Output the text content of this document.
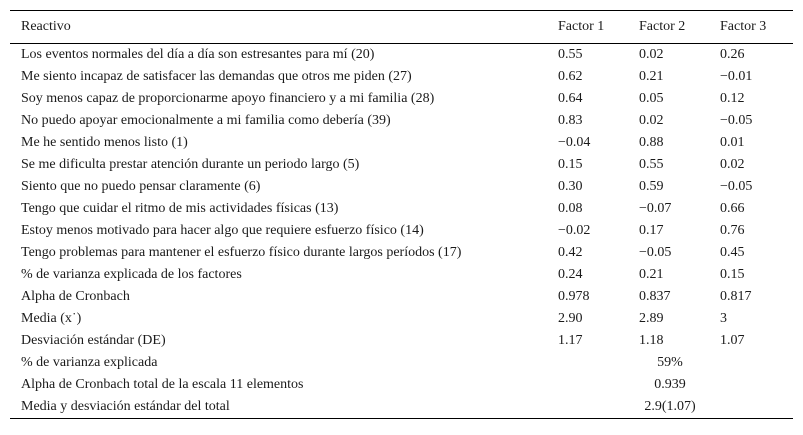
Reactivo	Factor 1	Factor 2	Factor 3
Los eventos normales del día a día son estresantes para mí (20)	0.55	0.02	0.26
Me siento incapaz de satisfacer las demandas que otros me piden (27)	0.62	0.21	−0.01
Soy menos capaz de proporcionarme apoyo financiero y a mi familia (28)	0.64	0.05	0.12
No puedo apoyar emocionalmente a mi familia como debería (39)	0.83	0.02	−0.05
Me he sentido menos listo (1)	−0.04	0.88	0.01
Se me dificulta prestar atención durante un periodo largo (5)	0.15	0.55	0.02
Siento que no puedo pensar claramente (6)	0.30	0.59	−0.05
Tengo que cuidar el ritmo de mis actividades físicas (13)	0.08	−0.07	0.66
Estoy menos motivado para hacer algo que requiere esfuerzo físico (14)	−0.02	0.17	0.76
Tengo problemas para mantener el esfuerzo físico durante largos períodos (17)	0.42	−0.05	0.45
% de varianza explicada de los factores	0.24	0.21	0.15
Alpha de Cronbach	0.978	0.837	0.817
Media (x˙)	2.90	2.89	3
Desviación estándar (DE)	1.17	1.18	1.07
% de varianza explicada	59%		
Alpha de Cronbach total de la escala 11 elementos	0.939		
Media y desviación estándar del total	2.9(1.07)		
